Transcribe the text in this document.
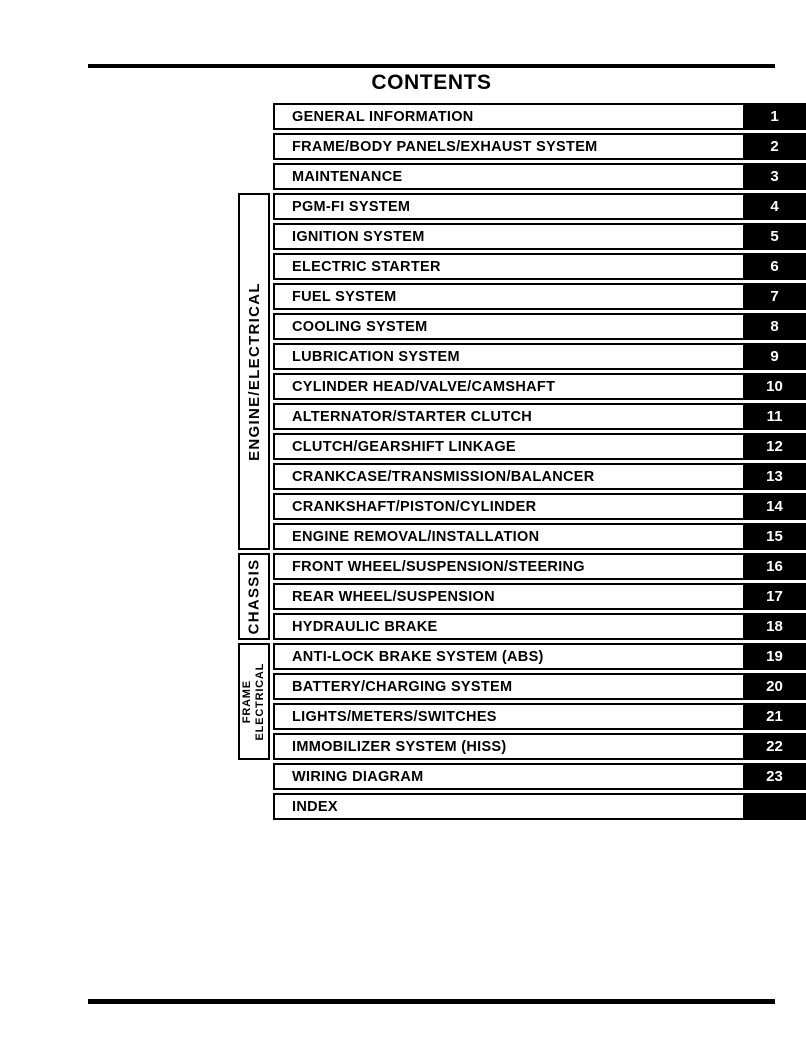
CONTENTS
GENERAL INFORMATION	1
FRAME/BODY PANELS/EXHAUST SYSTEM	2
MAINTENANCE	3
PGM-FI SYSTEM	4
IGNITION SYSTEM	5
ELECTRIC STARTER	6
FUEL SYSTEM	7
COOLING SYSTEM	8
LUBRICATION SYSTEM	9
CYLINDER HEAD/VALVE/CAMSHAFT	10
ALTERNATOR/STARTER CLUTCH	11
CLUTCH/GEARSHIFT LINKAGE	12
CRANKCASE/TRANSMISSION/BALANCER	13
CRANKSHAFT/PISTON/CYLINDER	14
ENGINE REMOVAL/INSTALLATION	15
FRONT WHEEL/SUSPENSION/STEERING	16
REAR WHEEL/SUSPENSION	17
HYDRAULIC BRAKE	18
ANTI-LOCK BRAKE SYSTEM (ABS)	19
BATTERY/CHARGING SYSTEM	20
LIGHTS/METERS/SWITCHES	21
IMMOBILIZER SYSTEM (HISS)	22
WIRING DIAGRAM	23
INDEX
ENGINE/ELECTRICAL
CHASSIS
FRAME ELECTRICAL
